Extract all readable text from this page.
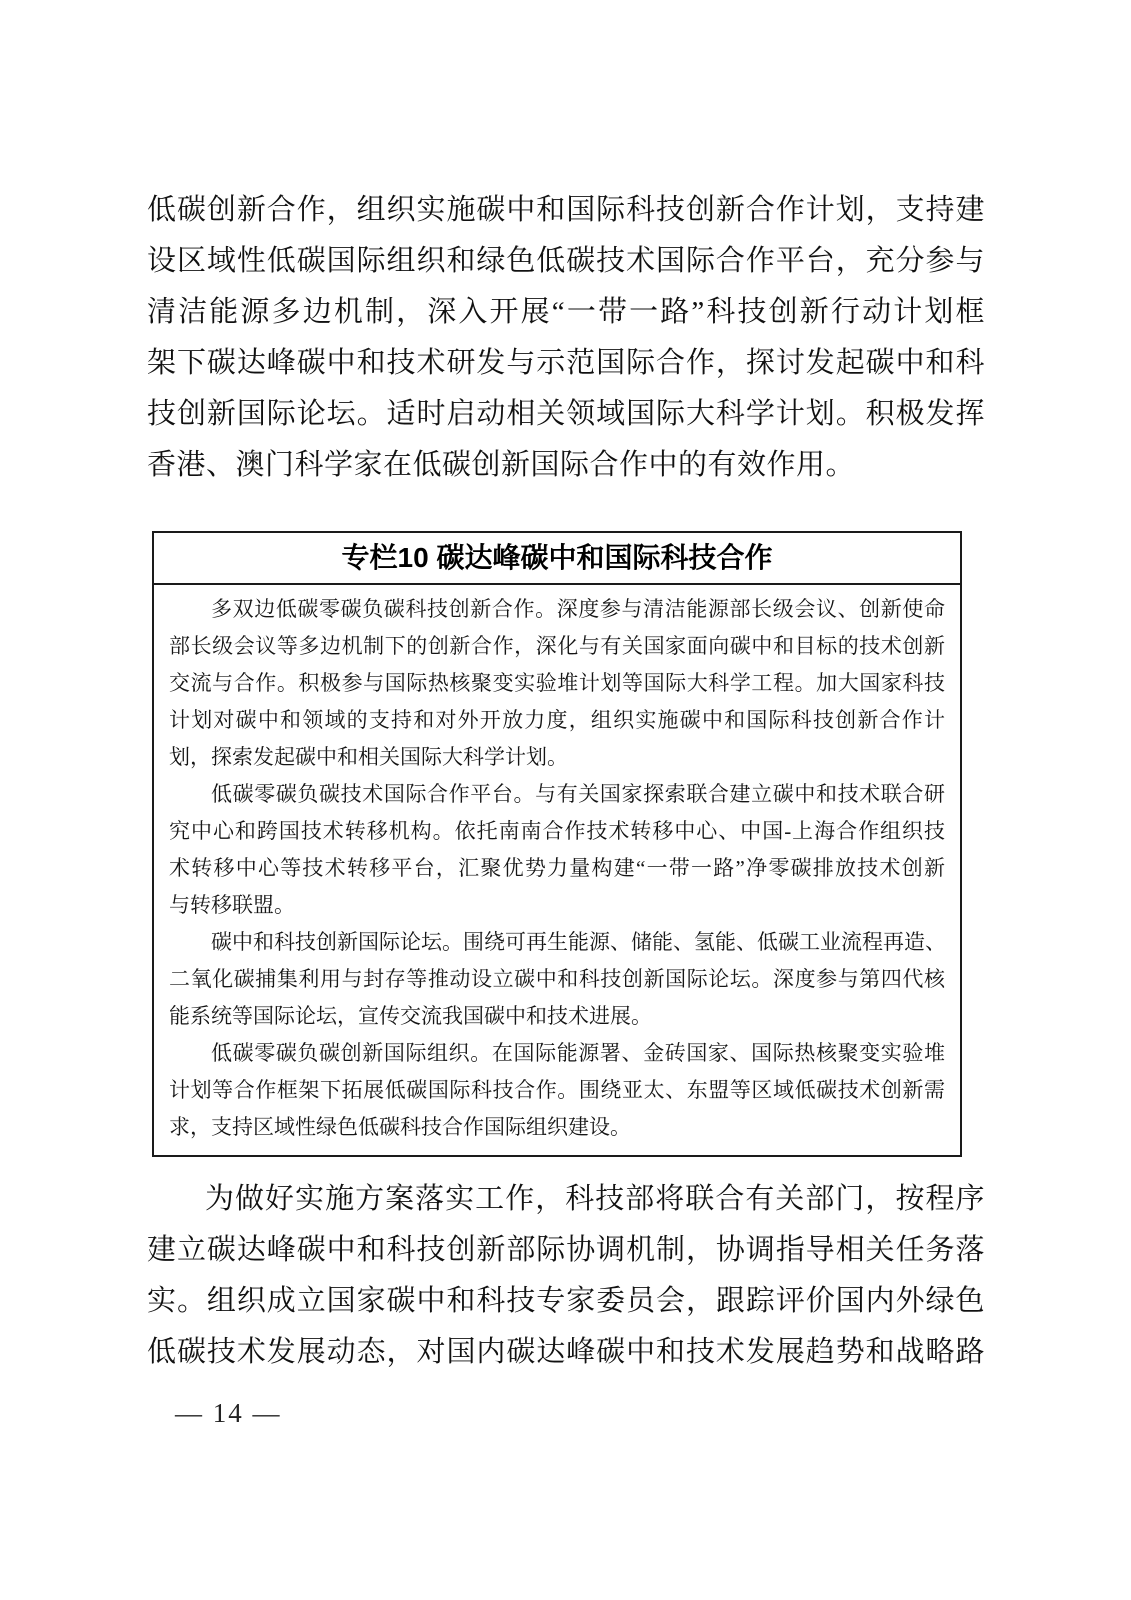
低碳创新合作，组织实施碳中和国际科技创新合作计划，支持建
设区域性低碳国际组织和绿色低碳技术国际合作平台，充分参与
清洁能源多边机制，深入开展“一带一路”科技创新行动计划框
架下碳达峰碳中和技术研发与示范国际合作，探讨发起碳中和科
技创新国际论坛。适时启动相关领域国际大科学计划。积极发挥
香港、澳门科学家在低碳创新国际合作中的有效作用。
专栏10 碳达峰碳中和国际科技合作
多双边低碳零碳负碳科技创新合作。深度参与清洁能源部长级会议、创新使命
部长级会议等多边机制下的创新合作，深化与有关国家面向碳中和目标的技术创新
交流与合作。积极参与国际热核聚变实验堆计划等国际大科学工程。加大国家科技
计划对碳中和领域的支持和对外开放力度，组织实施碳中和国际科技创新合作计
划，探索发起碳中和相关国际大科学计划。
低碳零碳负碳技术国际合作平台。与有关国家探索联合建立碳中和技术联合研
究中心和跨国技术转移机构。依托南南合作技术转移中心、中国-上海合作组织技
术转移中心等技术转移平台，汇聚优势力量构建“一带一路”净零碳排放技术创新
与转移联盟。
碳中和科技创新国际论坛。围绕可再生能源、储能、氢能、低碳工业流程再造、
二氧化碳捕集利用与封存等推动设立碳中和科技创新国际论坛。深度参与第四代核
能系统等国际论坛，宣传交流我国碳中和技术进展。
低碳零碳负碳创新国际组织。在国际能源署、金砖国家、国际热核聚变实验堆
计划等合作框架下拓展低碳国际科技合作。围绕亚太、东盟等区域低碳技术创新需
求，支持区域性绿色低碳科技合作国际组织建设。
为做好实施方案落实工作，科技部将联合有关部门，按程序
建立碳达峰碳中和科技创新部际协调机制，协调指导相关任务落
实。组织成立国家碳中和科技专家委员会，跟踪评价国内外绿色
低碳技术发展动态，对国内碳达峰碳中和技术发展趋势和战略路
— 14 —
